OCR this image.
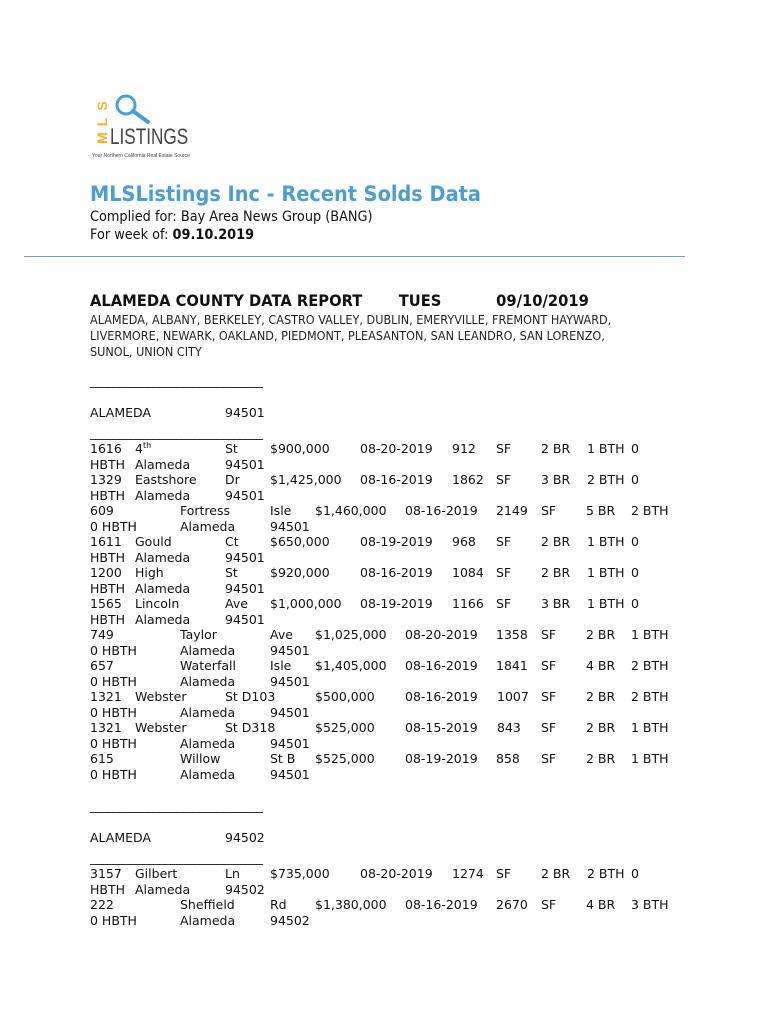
S
L
M LISTINGS
Your Northern California Real Estate Source
MLSListings Inc - Recent Solds Data
Complied for: Bay Area News Group (BANG)
For week of: 09.10.2019
ALAMEDA COUNTY DATA REPORT TUES	09/10/2019
ALAMEDA, ALBANY, BERKELEY, CASTRO VALLEY, DUBLIN, EMERYVILLE, FREMONT HAYWARD, LIVERMORE, NEWARK, OAKLAND, PIEDMONT, PLEASANTON, SAN LEANDRO, SAN LORENZO, SUNOL, UNION CITY
______________________________
ALAMEDA	94501
______________________________
1616 4th	St	$900,000 08-20-2019 912 SF 2 BR 1 BTH 0
HBTH Alameda	94501
1329 Eastshore Dr $1,425,000 08-16-2019 1862 SF 3 BR 2 BTH 0
HBTH Alameda	94501
609	Fortress	Isle $1,460,000 08-16-2019 2149 SF 5 BR 2 BTH
0 HBTH	Alameda	94501
1611 Gould	Ct	$650,000 08-19-2019 968 SF 2 BR 1 BTH 0
HBTH Alameda	94501
1200 High	St	$920,000 08-16-2019 1084 SF 2 BR 1 BTH 0
HBTH Alameda	94501
1565 Lincoln	Ave $1,000,000 08-19-2019 1166 SF 3 BR 1 BTH 0
HBTH Alameda	94501
749	Taylor	Ave $1,025,000 08-20-2019 1358 SF 2 BR 1 BTH
0 HBTH	Alameda	94501
657	Waterfall	Isle $1,405,000 08-16-2019 1841 SF 4 BR 2 BTH
0 HBTH	Alameda	94501
1321 Webster	St D103	$500,000 08-16-2019 1007 SF 2 BR 2 BTH
0 HBTH	Alameda	94501
1321 Webster	St D318	$525,000 08-15-2019 843 SF 2 BR 1 BTH
0 HBTH	Alameda	94501
615	Willow	St B $525,000 08-19-2019 858 SF 2 BR 1 BTH
0 HBTH	Alameda	94501
______________________________
ALAMEDA	94502
______________________________
3157 Gilbert	Ln $735,000 08-20-2019 1274 SF 2 BR 2 BTH 0
HBTH Alameda	94502
222	Sheffield	Rd $1,380,000 08-16-2019 2670 SF 4 BR 3 BTH
0 HBTH	Alameda	94502
